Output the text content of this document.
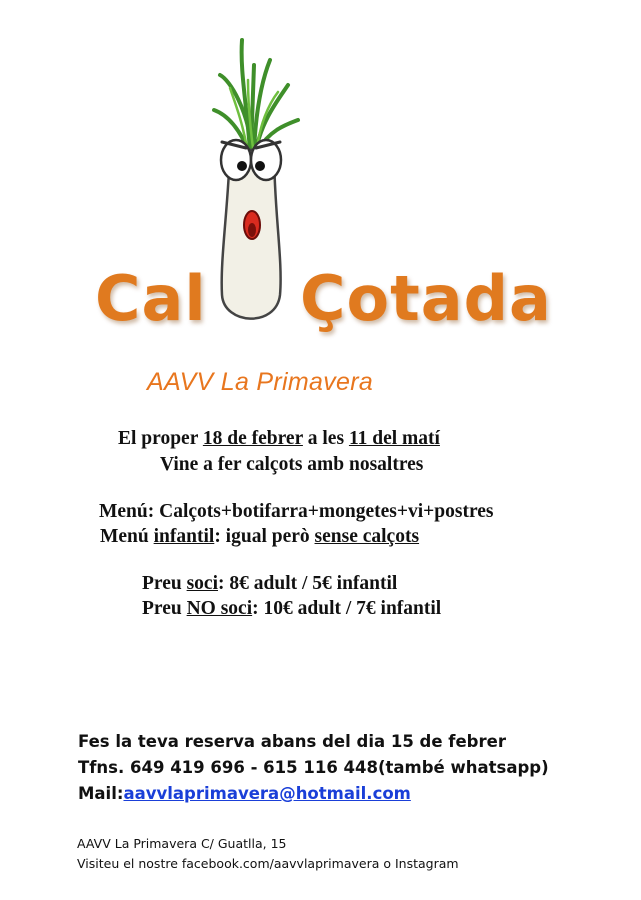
Cal Çotada
AAVV La Primavera
El proper 18 de febrer a les 11 del matí
Vine a fer calçots amb nosaltres
Menú: Calçots+botifarra+mongetes+vi+postres
Menú infantil: igual però sense calçots
Preu soci: 8€ adult / 5€ infantil
Preu NO soci: 10€ adult / 7€ infantil
Fes la teva reserva abans del dia 15 de febrer
Tfns. 649 419 696 - 615 116 448(també whatsapp)
Mail:aavvlaprimavera@hotmail.com
AAVV La Primavera C/ Guatlla, 15
Visiteu el nostre facebook.com/aavvlaprimavera o Instagram
